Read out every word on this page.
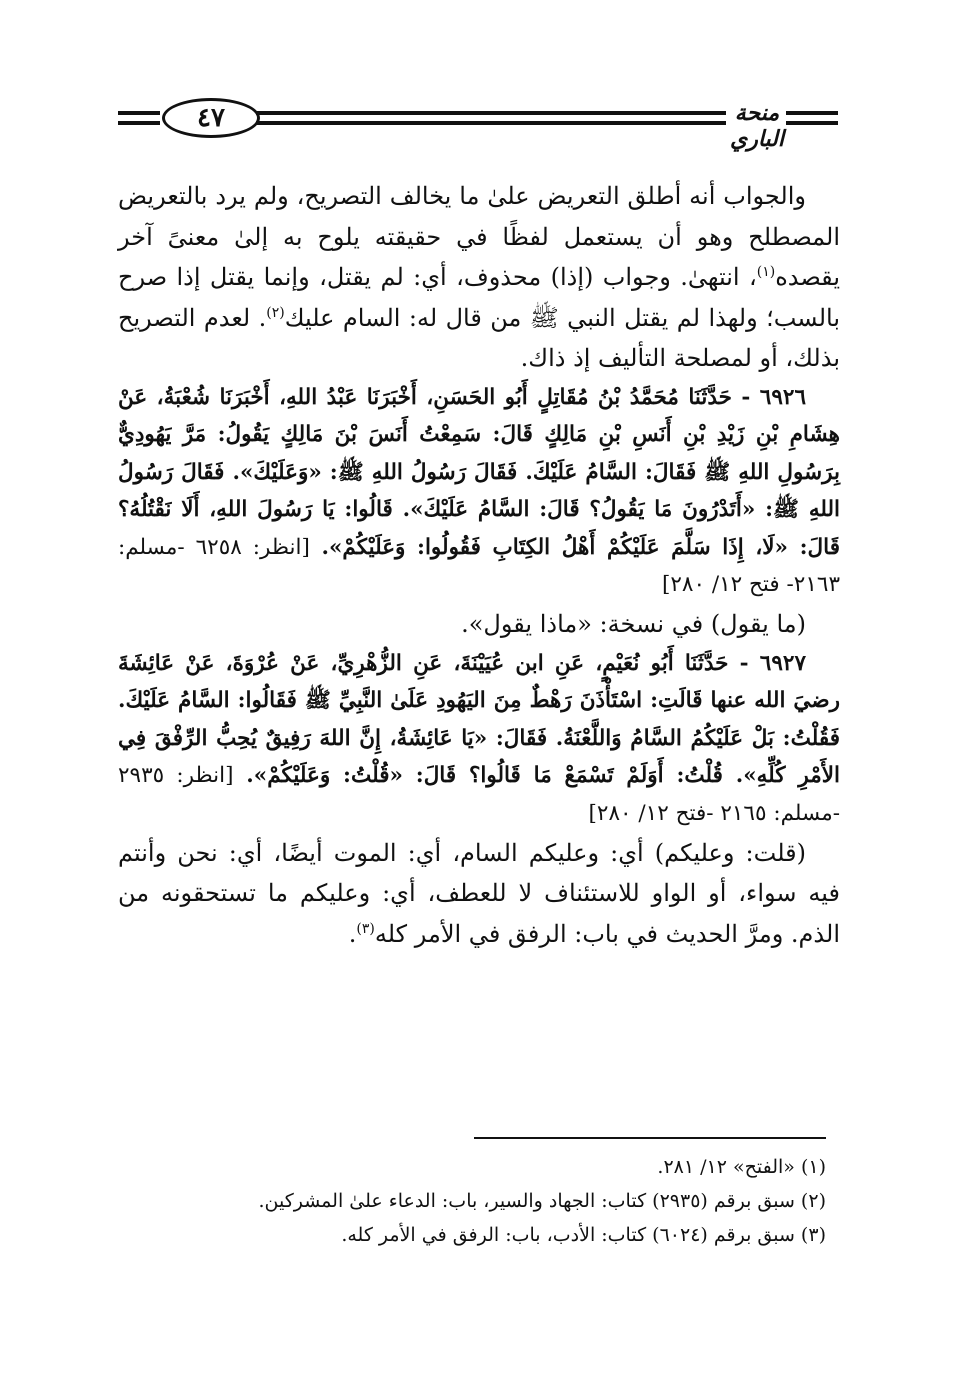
٤٧	منحة الباري

والجواب أنه أطلق التعريض علىٰ ما يخالف التصريح، ولم يرد بالتعريض المصطلح وهو أن يستعمل لفظًا في حقيقته يلوح به إلىٰ معنىً آخر يقصده$^{(١)}$، انتهىٰ. وجواب (إذا) محذوف، أي: لم يقتل، وإنما يقتل إذا صرح بالسب؛ ولهذا لم يقتل النبي ﷺ من قال له: السام عليك$^{(٢)}$. لعدم التصريح بذلك، أو لمصلحة التأليف إذ ذاك.

٦٩٢٦ - حَدَّثَنَا مُحَمَّدُ بْنُ مُقَاتِلٍ أَبُو الحَسَنِ، أَخْبَرَنَا عَبْدُ اللهِ، أَخْبَرَنَا شُعْبَةُ، عَنْ هِشَامِ بْنِ زَيْدِ بْنِ أَنَسِ بْنِ مَالِكٍ قَالَ: سَمِعْتُ أَنَسَ بْنَ مَالِكٍ يَقُولُ: مَرَّ يَهُودِيٌّ بِرَسُولِ اللهِ ﷺ فَقَالَ: السَّامُ عَلَيْكَ. فَقَالَ رَسُولُ اللهِ ﷺ: «وَعَلَيْكَ». فَقَالَ رَسُولُ اللهِ ﷺ: «أَتَدْرُونَ مَا يَقُولُ؟ قَالَ: السَّامُ عَلَيْكَ». قَالُوا: يَا رَسُولَ اللهِ، أَلَا نَقْتُلُهُ؟ قَالَ: «لَا، إِذَا سَلَّمَ عَلَيْكُمْ أَهْلُ الكِتَابِ فَقُولُوا: وَعَلَيْكُمْ». [انظر: ٦٢٥٨ -مسلم: ٢١٦٣- فتح ١٢/ ٢٨٠]

(ما يقول) في نسخة: «ماذا يقول».

٦٩٢٧ - حَدَّثَنَا أَبُو نُعَيْمٍ، عَنِ ابن عُيَيْنَةَ، عَنِ الزُّهْرِيِّ، عَنْ عُرْوَةَ، عَنْ عَائِشَةَ رضيَ الله عنها قَالَتِ: اسْتَأْذَنَ رَهْطٌ مِنَ اليَهُودِ عَلَىٰ النَّبِيِّ ﷺ فَقَالُوا: السَّامُ عَلَيْكَ. فَقُلْتُ: بَلْ عَلَيْكُمُ السَّامُ وَاللَّعْنَةُ. فَقَالَ: «يَا عَائِشَةُ، إِنَّ اللهَ رَفِيقٌ يُحِبُّ الرِّفْقَ فِي الأَمْرِ كُلِّهِ». قُلْتُ: أَوَلَمْ تَسْمَعْ مَا قَالُوا؟ قَالَ: «قُلْتُ: وَعَلَيْكُمْ». [انظر: ٢٩٣٥ -مسلم: ٢١٦٥ -فتح ١٢/ ٢٨٠]

(قلت: وعليكم) أي: وعليكم السام، أي: الموت أيضًا، أي: نحن وأنتم فيه سواء، أو الواو للاستئناف لا للعطف، أي: وعليكم ما تستحقونه من الذم. ومرَّ الحديث في باب: الرفق في الأمر كله$^{(٣)}$.

(١) «الفتح» ١٢/ ٢٨١.

(٢) سبق برقم (٢٩٣٥) كتاب: الجهاد والسير، باب: الدعاء علىٰ المشركين.

(٣) سبق برقم (٦٠٢٤) كتاب: الأدب، باب: الرفق في الأمر كله.
